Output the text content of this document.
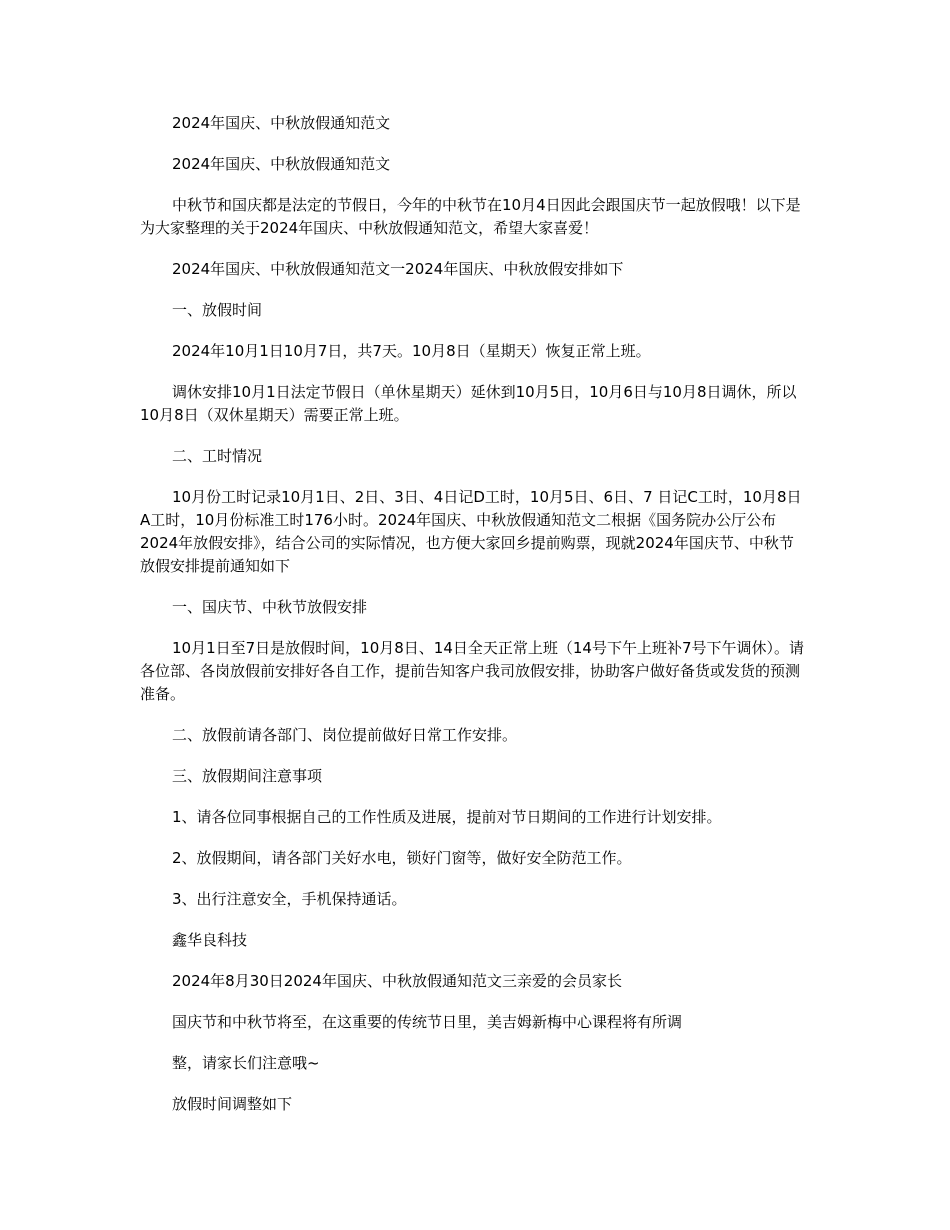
2024年国庆、中秋放假通知范文

2024年国庆、中秋放假通知范文

中秋节和国庆都是法定的节假日，今年的中秋节在10月4日因此会跟国庆节一起放假哦！以下是为大家整理的关于2024年国庆、中秋放假通知范文，希望大家喜爱！

2024年国庆、中秋放假通知范文一2024年国庆、中秋放假安排如下

一、放假时间

2024年10月1日10月7日，共7天。10月8日（星期天）恢复正常上班。

调休安排10月1日法定节假日（单休星期天）延休到10月5日，10月6日与10月8日调休，所以10月8日（双休星期天）需要正常上班。

二、工时情况

10月份工时记录10月1日、2日、3日、4日记D工时，10月5日、6日、7 日记C工时，10月8日A工时，10月份标准工时176小时。2024年国庆、中秋放假通知范文二根据《国务院办公厅公布2024年放假安排》，结合公司的实际情况，也方便大家回乡提前购票，现就2024年国庆节、中秋节放假安排提前通知如下

一、国庆节、中秋节放假安排

10月1日至7日是放假时间，10月8日、14日全天正常上班（14号下午上班补7号下午调休）。请各位部、各岗放假前安排好各自工作，提前告知客户我司放假安排，协助客户做好备货或发货的预测准备。

二、放假前请各部门、岗位提前做好日常工作安排。

三、放假期间注意事项

1、请各位同事根据自己的工作性质及进展，提前对节日期间的工作进行计划安排。

2、放假期间，请各部门关好水电，锁好门窗等，做好安全防范工作。

3、出行注意安全，手机保持通话。

鑫华良科技

2024年8月30日2024年国庆、中秋放假通知范文三亲爱的会员家长

国庆节和中秋节将至，在这重要的传统节日里，美吉姆新梅中心课程将有所调

整，请家长们注意哦~

放假时间调整如下
